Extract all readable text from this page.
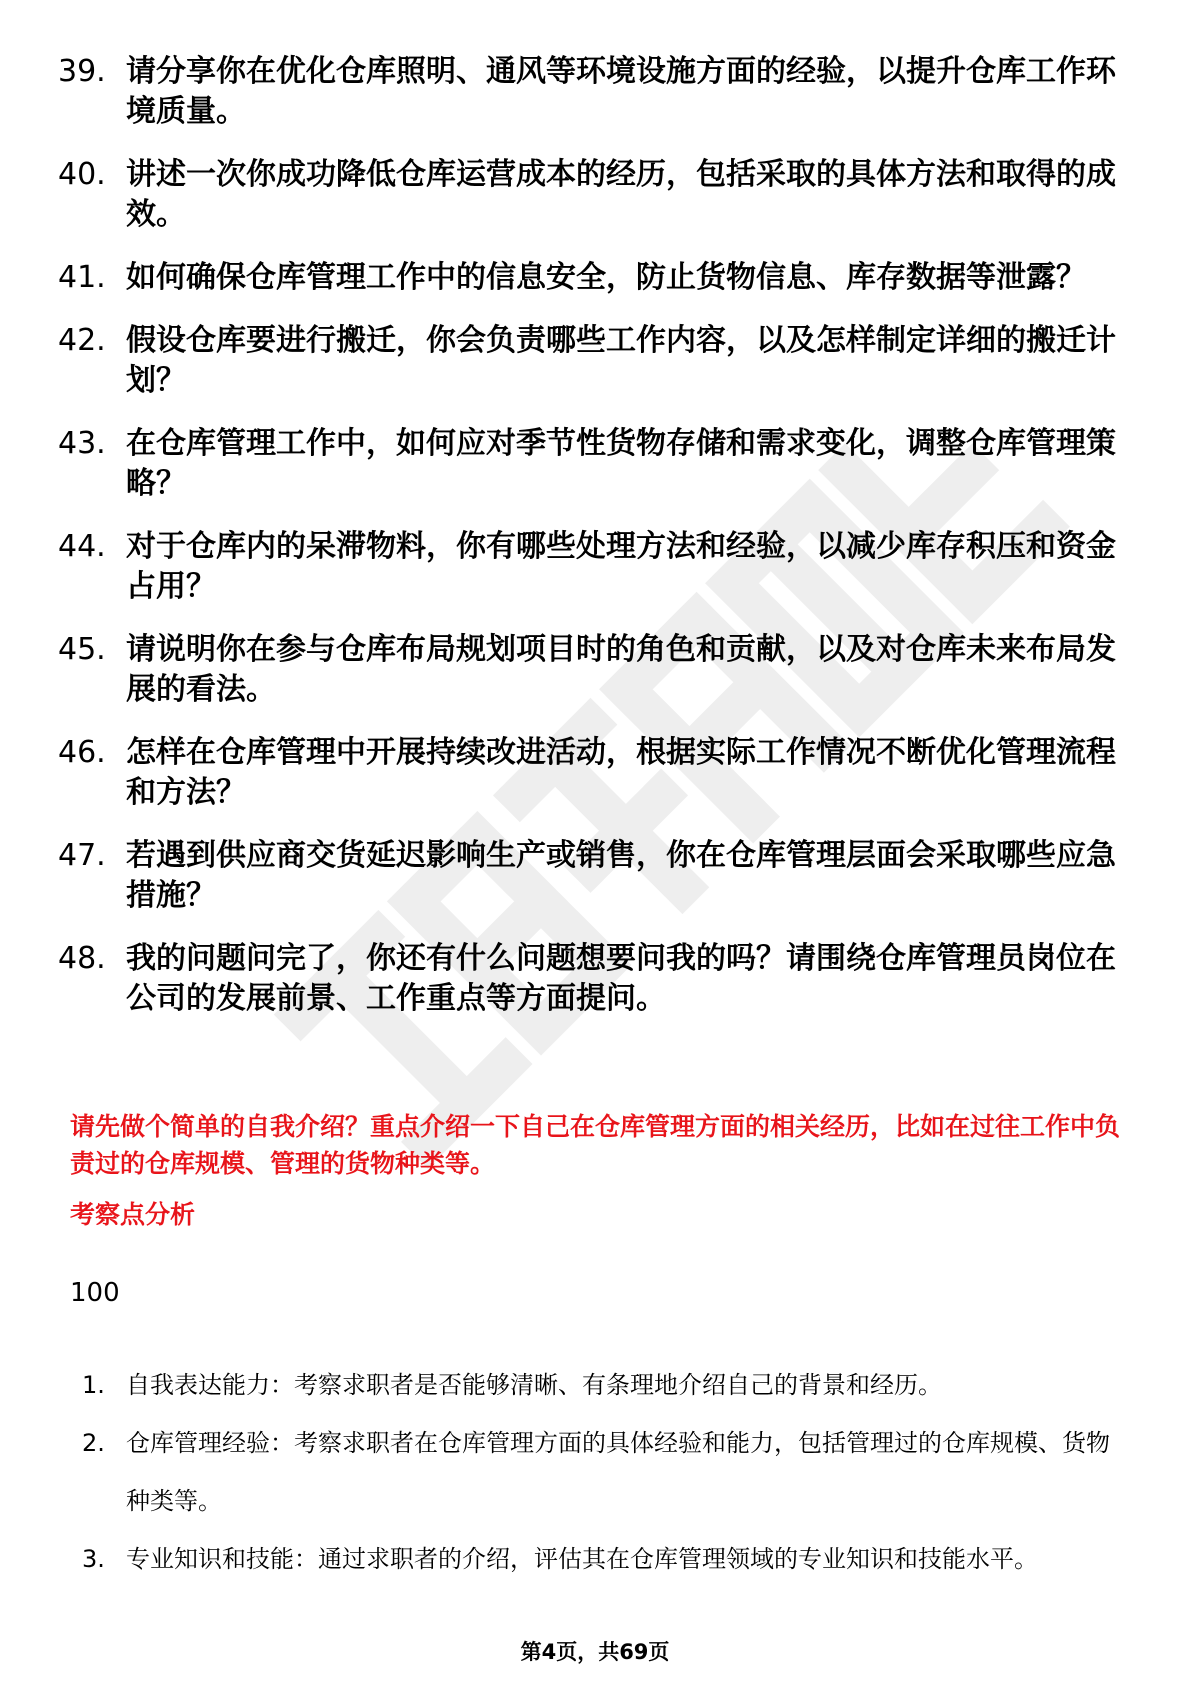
39. 请分享你在优化仓库照明、通风等环境设施方面的经验，以提升仓库工作环境质量。
40. 讲述一次你成功降低仓库运营成本的经历，包括采取的具体方法和取得的成效。
41. 如何确保仓库管理工作中的信息安全，防止货物信息、库存数据等泄露？
42. 假设仓库要进行搬迁，你会负责哪些工作内容，以及怎样制定详细的搬迁计划？
43. 在仓库管理工作中，如何应对季节性货物存储和需求变化，调整仓库管理策略？
44. 对于仓库内的呆滞物料，你有哪些处理方法和经验，以减少库存积压和资金占用？
45. 请说明你在参与仓库布局规划项目时的角色和贡献，以及对仓库未来布局发展的看法。
46. 怎样在仓库管理中开展持续改进活动，根据实际工作情况不断优化管理流程和方法？
47. 若遇到供应商交货延迟影响生产或销售，你在仓库管理层面会采取哪些应急措施？
48. 我的问题问完了，你还有什么问题想要问我的吗？请围绕仓库管理员岗位在公司的发展前景、工作重点等方面提问。

请先做个简单的自我介绍？重点介绍一下自己在仓库管理方面的相关经历，比如在过往工作中负责过的仓库规模、管理的货物种类等。

考察点分析

100

1. 自我表达能力：考察求职者是否能够清晰、有条理地介绍自己的背景和经历。
2. 仓库管理经验：考察求职者在仓库管理方面的具体经验和能力，包括管理过的仓库规模、货物种类等。
3. 专业知识和技能：通过求职者的介绍，评估其在仓库管理领域的专业知识和技能水平。
第4页，共69页
